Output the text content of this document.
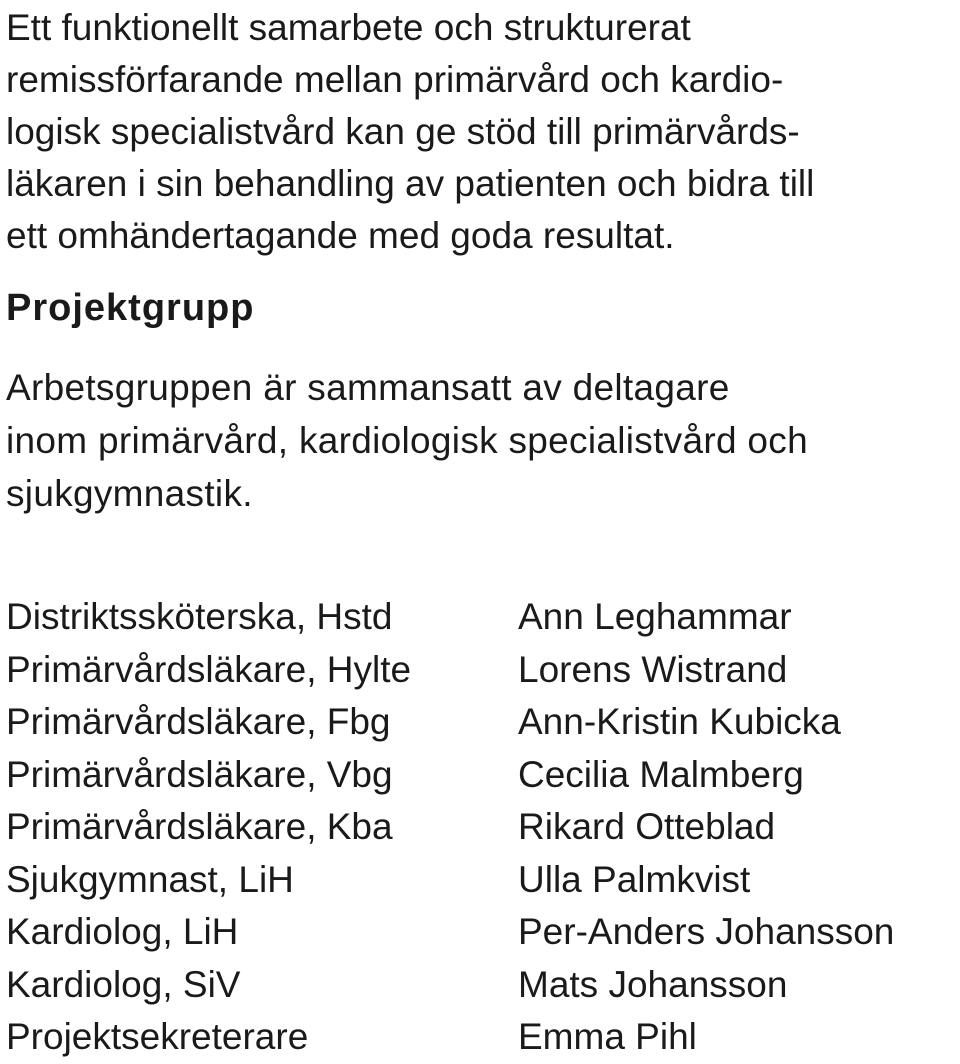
Ett funktionellt samarbete och strukturerat
remissförfarande mellan primärvård och kardio-
logisk specialistvård kan ge stöd till primärvårds-
läkaren i sin behandling av patienten och bidra till
ett omhändertagande med goda resultat.

Projektgrupp

Arbetsgruppen är sammansatt av deltagare
inom primärvård, kardiologisk specialistvård och
sjukgymnastik.

Distriktssköterska, Hstd	Ann Leghammar
Primärvårdsläkare, Hylte	Lorens Wistrand
Primärvårdsläkare, Fbg	Ann-Kristin Kubicka
Primärvårdsläkare, Vbg	Cecilia Malmberg
Primärvårdsläkare, Kba	Rikard Otteblad
Sjukgymnast, LiH	Ulla Palmkvist
Kardiolog, LiH	Per-Anders Johansson
Kardiolog, SiV	Mats Johansson
Projektsekreterare	Emma Pihl
